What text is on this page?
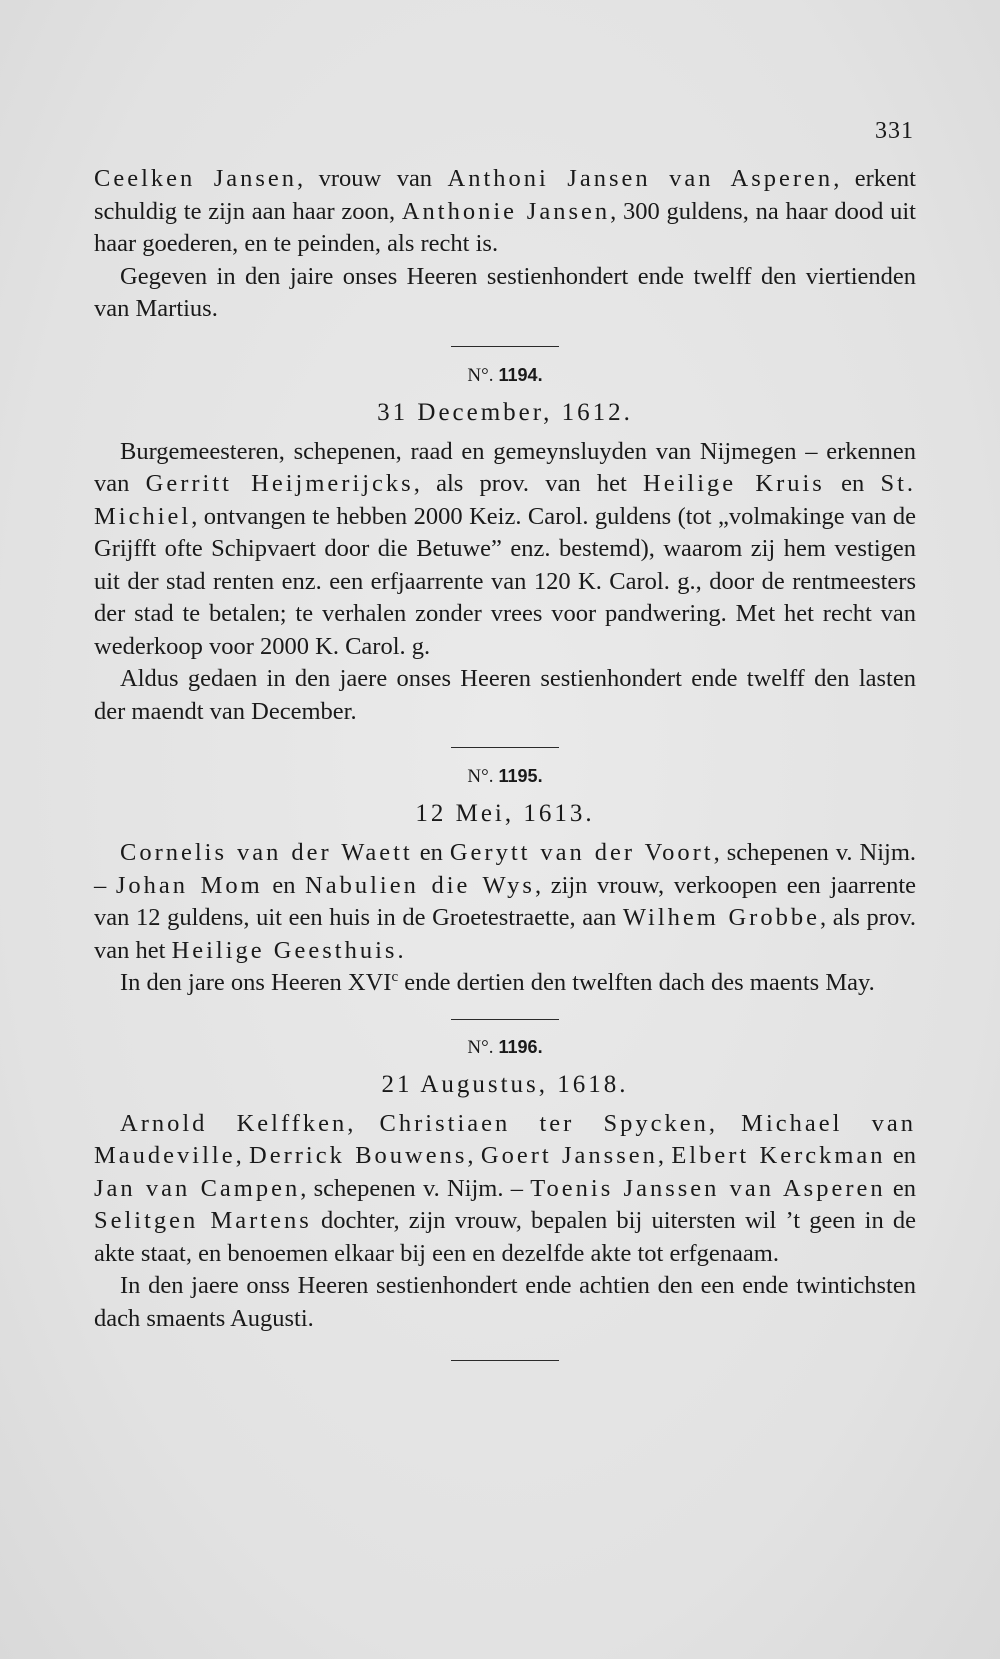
331

Ceelken Jansen, vrouw van Anthoni Jansen van Asperen, erkent schuldig te zijn aan haar zoon, Anthonie Jansen, 300 guldens, na haar dood uit haar goederen, en te peinden, als recht is.

Gegeven in den jaire onses Heeren sestienhondert ende twelff den viertienden van Martius.

N°. 1194.
31 December, 1612.

Burgemeesteren, schepenen, raad en gemeynsluyden van Nijmegen – erkennen van Gerritt Heijmerijcks, als prov. van het Heilige Kruis en St. Michiel, ontvangen te hebben 2000 Keiz. Carol. guldens (tot „volmakinge van de Grijfft ofte Schipvaert door die Betuwe” enz. bestemd), waarom zij hem vestigen uit der stad renten enz. een erfjaarrente van 120 K. Carol. g., door de rentmeesters der stad te betalen; te verhalen zonder vrees voor pandwering. Met het recht van wederkoop voor 2000 K. Carol. g.

Aldus gedaen in den jaere onses Heeren sestienhondert ende twelff den lasten der maendt van December.

N°. 1195.
12 Mei, 1613.

Cornelis van der Waett en Gerytt van der Voort, schepenen v. Nijm. – Johan Mom en Nabulien die Wys, zijn vrouw, verkoopen een jaarrente van 12 guldens, uit een huis in de Groetestraette, aan Wilhem Grobbe, als prov. van het Heilige Geesthuis.

In den jare ons Heeren XVI$^c$ ende dertien den twelften dach des maents May.

N°. 1196.
21 Augustus, 1618.

Arnold Kelffken, Christiaen ter Spycken, Michael van Maudeville, Derrick Bouwens, Goert Janssen, Elbert Kerckman en Jan van Campen, schepenen v. Nijm. – Toenis Janssen van Asperen en Selitgen Martens dochter, zijn vrouw, bepalen bij uitersten wil ’t geen in de akte staat, en benoemen elkaar bij een en dezelfde akte tot erfgenaam.

In den jaere onss Heeren sestienhondert ende achtien den een ende twintichsten dach smaents Augusti.
